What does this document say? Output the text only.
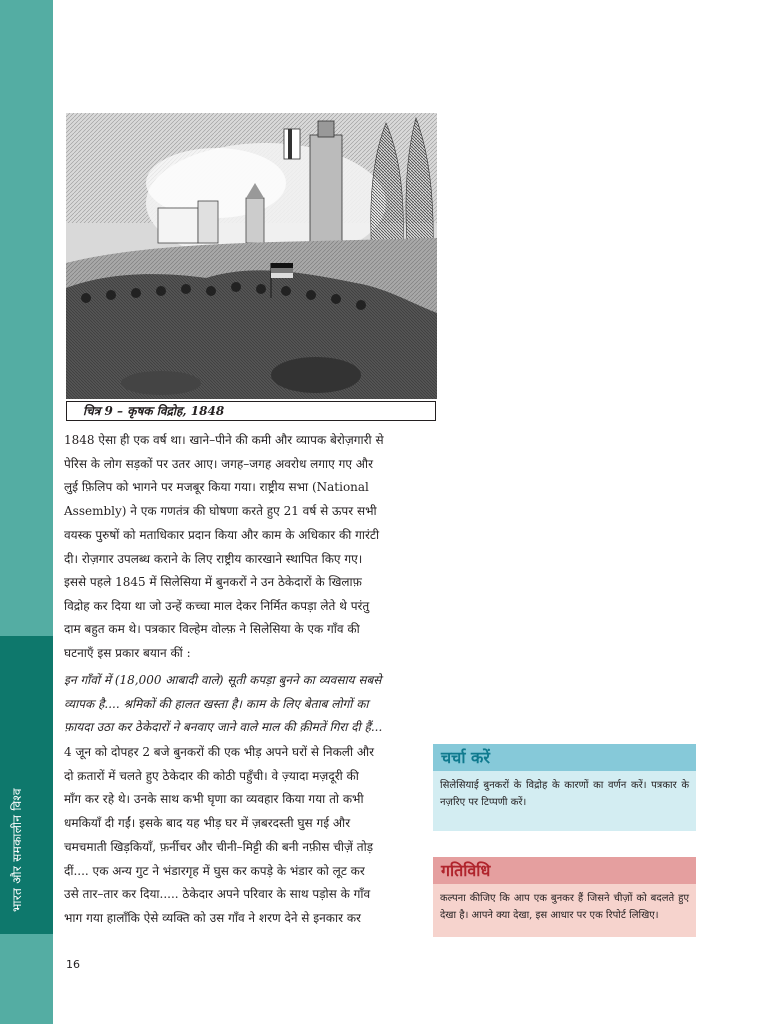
भारत और समकालीन विश्व
चित्र 9 – कृषक विद्रोह, 1848
1848 ऐसा ही एक वर्ष था। खाने–पीने की कमी और व्यापक बेरोज़गारी से
पेरिस के लोग सड़कों पर उतर आए। जगह–जगह अवरोध लगाए गए और
लुई फ़िलिप को भागने पर मजबूर किया गया। राष्ट्रीय सभा (National
Assembly) ने एक गणतंत्र की घोषणा करते हुए 21 वर्ष से ऊपर सभी
वयस्क पुरुषों को मताधिकार प्रदान किया और काम के अधिकार की गारंटी
दी। रोज़गार उपलब्ध कराने के लिए राष्ट्रीय कारखाने स्थापित किए गए।
इससे पहले 1845 में सिलेसिया में बुनकरों ने उन ठेकेदारों के खिलाफ़
विद्रोह कर दिया था जो उन्हें कच्चा माल देकर निर्मित कपड़ा लेते थे परंतु
दाम बहुत कम थे। पत्रकार विल्हेम वोल्फ़ ने सिलेसिया के एक गाँव की
घटनाएँ इस प्रकार बयान कीं :
इन गाँवों में (18,000 आबादी वाले) सूती कपड़ा बुनने का व्यवसाय सबसे
व्यापक है.... श्रमिकों की हालत खस्ता है। काम के लिए बेताब लोगों का
फ़ायदा उठा कर ठेकेदारों ने बनवाए जाने वाले माल की क़ीमतें गिरा दी हैं...
4 जून को दोपहर 2 बजे बुनकरों की एक भीड़ अपने घरों से निकली और
दो क़तारों में चलते हुए ठेकेदार की कोठी पहुँची। वे ज़्यादा मज़दूरी की
माँग कर रहे थे। उनके साथ कभी घृणा का व्यवहार किया गया तो कभी
धमकियाँ दी गईं। इसके बाद यह भीड़ घर में ज़बरदस्ती घुस गई और
चमचमाती खिड़कियाँ, फ़र्नीचर और चीनी–मिट्टी की बनी नफ़ीस चीज़ें तोड़
दीं.... एक अन्य गुट ने भंडारगृह में घुस कर कपड़े के भंडार को लूट कर
उसे तार–तार कर दिया..... ठेकेदार अपने परिवार के साथ पड़ोस के गाँव
भाग गया हालाँकि ऐसे व्यक्ति को उस गाँव ने शरण देने से इनकार कर
चर्चा करें
सिलेसियाई बुनकरों के विद्रोह के कारणों का वर्णन करें। पत्रकार के नज़रिए पर टिप्पणी करें।
गतिविधि
कल्पना कीजिए कि आप एक बुनकर हैं जिसने चीज़ों को बदलते हुए देखा है। आपने क्या देखा, इस आधार पर एक रिपोर्ट लिखिए।
16
